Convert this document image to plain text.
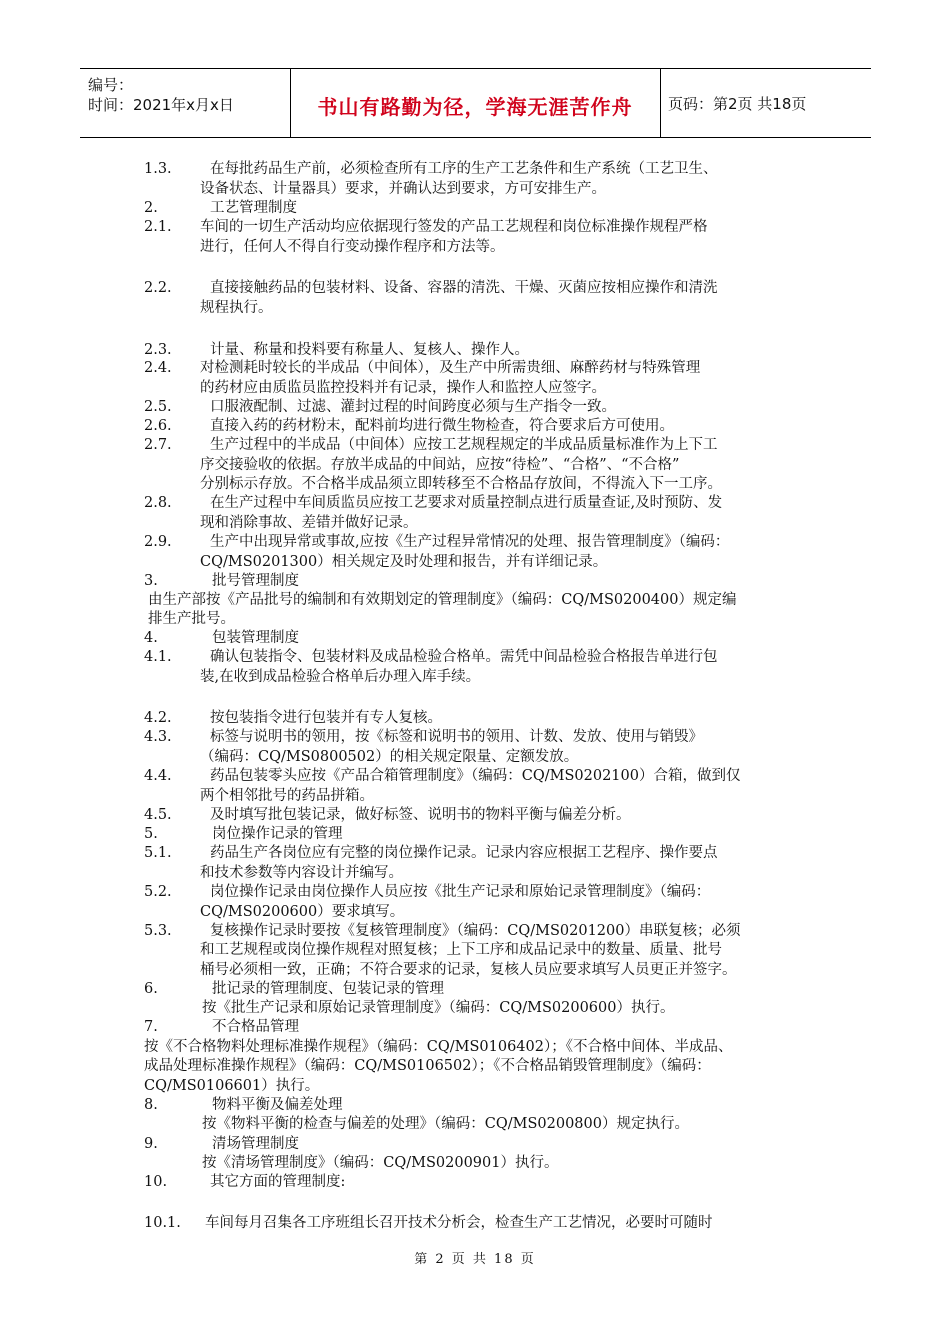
编号：
时间：2021年x月x日	书山有路勤为径，学海无涯苦作舟	页码：第2页 共18页
1.3.	在每批药品生产前，必须检查所有工序的生产工艺条件和生产系统（工艺卫生、
设备状态、计量器具）要求，并确认达到要求，方可安排生产。
2.	工艺管理制度
2.1. 车间的一切生产活动均应依据现行签发的产品工艺规程和岗位标准操作规程严格
进行，任何人不得自行变动操作程序和方法等。
2.2.	直接接触药品的包装材料、设备、容器的清洗、干燥、灭菌应按相应操作和清洗
规程执行。
2.3.	计量、称量和投料要有称量人、复核人、操作人。
2.4. 对检测耗时较长的半成品（中间体），及生产中所需贵细、麻醉药材与特殊管理
的药材应由质监员监控投料并有记录，操作人和监控人应签字。
2.5.	口服液配制、过滤、灌封过程的时间跨度必须与生产指令一致。
2.6.	直接入药的药材粉末，配料前均进行微生物检查，符合要求后方可使用。
2.7.	生产过程中的半成品（中间体）应按工艺规程规定的半成品质量标准作为上下工
序交接验收的依据。存放半成品的中间站，应按“待检”、“合格”、“不合格”
分别标示存放。不合格半成品须立即转移至不合格品存放间，不得流入下一工序。
2.8.	在生产过程中车间质监员应按工艺要求对质量控制点进行质量查证,及时预防、发
现和消除事故、差错并做好记录。
2.9.	生产中出现异常或事故,应按《生产过程异常情况的处理、报告管理制度》（编码：
CQ/MS0201300）相关规定及时处理和报告，并有详细记录。
3.	批号管理制度
由生产部按《产品批号的编制和有效期划定的管理制度》（编码：CQ/MS0200400）规定编
排生产批号。
4.	包装管理制度
4.1.	确认包装指令、包装材料及成品检验合格单。需凭中间品检验合格报告单进行包
装,在收到成品检验合格单后办理入库手续。
4.2.	按包装指令进行包装并有专人复核。
4.3.	标签与说明书的领用，按《标签和说明书的领用、计数、发放、使用与销毁》
（编码：CQ/MS0800502）的相关规定限量、定额发放。
4.4.	药品包装零头应按《产品合箱管理制度》（编码：CQ/MS0202100）合箱，做到仅
两个相邻批号的药品拼箱。
4.5.	及时填写批包装记录，做好标签、说明书的物料平衡与偏差分析。
5.	岗位操作记录的管理
5.1.	药品生产各岗位应有完整的岗位操作记录。记录内容应根据工艺程序、操作要点
和技术参数等内容设计并编写。
5.2.	岗位操作记录由岗位操作人员应按《批生产记录和原始记录管理制度》（编码：
CQ/MS0200600）要求填写。
5.3.	复核操作记录时要按《复核管理制度》（编码：CQ/MS0201200）串联复核；必须
和工艺规程或岗位操作规程对照复核；上下工序和成品记录中的数量、质量、批号
桶号必须相一致，正确；不符合要求的记录，复核人员应要求填写人员更正并签字。
6.	批记录的管理制度、包装记录的管理
按《批生产记录和原始记录管理制度》（编码：CQ/MS0200600）执行。
7.	不合格品管理
按《不合格物料处理标准操作规程》（编码：CQ/MS0106402）；《不合格中间体、半成品、
成品处理标准操作规程》（编码：CQ/MS0106502）；《不合格品销毁管理制度》（编码：
CQ/MS0106601）执行。
8.	物料平衡及偏差处理
按《物料平衡的检查与偏差的处理》（编码：CQ/MS0200800）规定执行。
9.	清场管理制度
按《清场管理制度》（编码：CQ/MS0200901）执行。
10.	其它方面的管理制度:
10.1. 车间每月召集各工序班组长召开技术分析会，检查生产工艺情况，必要时可随时
第 2 页 共 18 页
